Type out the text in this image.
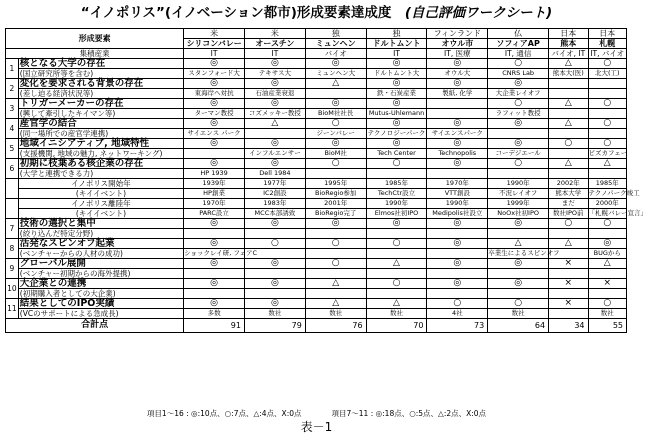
“イノポリス”(イノベーション都市)形成要素達成度　 (自己評価ワークシート)
形成要素		米	米	独	独	フィンランド	仏	日本	日本
		シリコンバレー	オースチン	ミュンヘン	ドルトムント	オウル市	ソフィアAP	熊本	札幌
集積産業		IT	IT	バイオ	IT	IT, 医療	IT, 通信	バイオ, IT	IT, バイオ
1	核となる大学の存在	◎	◎	◎	◎	◎	○	△	○
	(国立研究所等を含む)	スタンフォード大	テキサス大	ミュンヘン大	ドルトムント大	オウル大	CNRS Lab	熊本大(医)	北大(工)
2	変化を要求される背景の存在	◎	◎	△	◎	◎	◎		
	(差し迫る経済状況等)	東海岸へ対抗	石油産業衰退		鉄・石炭産業	製紙, 化学	大企業レイオフ		
3	トリガーメーカーの存在	◎	◎	◎	◎		○	△	○
	(興して牽引したキイマン等)	ターマン教授	コズメッキー教授	BioM社社長	Mutus-Uhlemann		ラフィット教授		
4	産官学の結合	◎	△	○	◎	◎	◎	△	○
	(同一場所での産官学連携)	サイエンス パーク		ジーンバレー	テクノロジーパーク	サイエンスパーク			
5	地域イニシアティブ, 地域特性	◎	◎	◎	◎	◎	◎	○	○
	(支援機関, 地域の魅力, ネットワーキング)		インフルエンサー	BioM社	Tech Center	Technopolis	コーデジエール		ビズカフェー
6	初期に枝葉ある核企業の存在	◎	◎	○	○	◎	○	△	△
	(大学と連携できる力)	HP 1939	Dell 1984						
	イノポリス開始年	1939年	1977年	1995年	1985年	1970年	1990年	2002年	1985年
	(キイイベント)	HP創業	IC2創設	BioRegio参加	TechCtr設立	VTT創設	不況レイオフ	熊本大学	テクノパーク竣工
	イノポリス離陸年	1970年	1983年	2001年	1990年	1990年	1999年	まだ	2000年
	(キイイベント)	PARC設立	MCC本部誘致	BioRegio完了	Elmos社初IPO	Medipolis社設立	NoOx社初IPO	数社IPO前	「札幌バレー宣言」
7	技術の選択と集中	◎	◎	◎	◎	◎	◎	○	○
	(絞り込んだ特定分野)								
8	活発なスピンオフ起業	◎	○	○	○	◎	△	△	◎
	(ベンチャーからの人材の成功)	ショックレイ研, フェアC					卒業生によるスピンオフ		BUGから
9	グローバル展開	◎	◎	○	△	◎	◎	×	△
	(ベンチャー初期からの海外提携)								
10	大企業との連携	◎	◎	△	○	◎	◎	×	×
	(初期購入者としての大企業)								
11	結果としてのIPO実績	◎	◎	△	△	○	○	×	○
	(VCのサポートによる急成長)	多数	数社	数社	数社	4社	数社		数社
合計点		91	79	76	70	73	64	34	55
項目1〜16 : ◎:10点、○:7点、△:4点、X:0点　　　　項目7〜11 : ◎:18点、○:5点、△:2点、X:0点
表－1
